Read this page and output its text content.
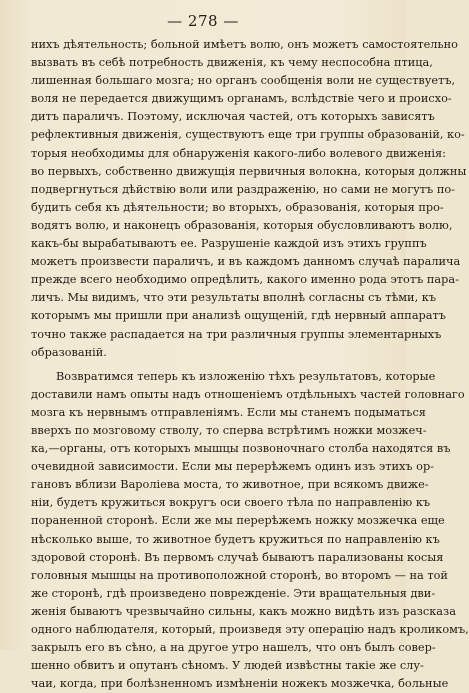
— 278 —
нихъ дѣятельность; больной имѣетъ волю, онъ можетъ самостоятельно
вызвать въ себѣ потребность движенія, къ чему неспособна птица,
лишенная большаго мозга; но органъ сообщенія воли не существуетъ,
воля не передается движущимъ органамъ, вслѣдствіе чего и происхо-
дитъ параличъ. Поэтому, исключая частей, отъ которыхъ зависятъ
рефлективныя движенія, существуютъ еще три группы образованій, ко-
торыя необходимы для обнаруженія какого-либо волевого движенія:
во первыхъ, собственно движущія первичныя волокна, которыя должны
подвергнуться дѣйствію воли или раздраженію, но сами не могутъ по-
будить себя къ дѣятельности; во вторыхъ, образованія, которыя про-
водятъ волю, и наконецъ образованія, которыя обусловливаютъ волю,
какъ-бы вырабатываютъ ее. Разрушеніе каждой изъ этихъ группъ
можетъ произвести параличъ, и въ каждомъ данномъ случаѣ паралича
прежде всего необходимо опредѣлить, какого именно рода этотъ пара-
личъ. Мы видимъ, что эти результаты вполнѣ согласны съ тѣми, къ
которымъ мы пришли при анализѣ ощущеній, гдѣ нервный аппаратъ
точно также распадается на три различныя группы элементарныхъ
образованій.
Возвратимся теперь къ изложенію тѣхъ результатовъ, которые
доставили намъ опыты надъ отношеніемъ отдѣльныхъ частей головнаго
мозга къ нервнымъ отправленіямъ. Если мы станемъ подыматься
вверхъ по мозговому стволу, то сперва встрѣтимъ ножки мозжеч-
ка,—органы, отъ которыхъ мышцы позвоночнаго столба находятся въ
очевидной зависимости. Если мы перерѣжемъ одинъ изъ этихъ ор-
гановъ вблизи Вароліева моста, то животное, при всякомъ движе-
ніи, будетъ кружиться вокругъ оси своего тѣла по направленію къ
пораненной сторонѣ. Если же мы перерѣжемъ ножку мозжечка еще
нѣсколько выше, то животное будетъ кружиться по направленію къ
здоровой сторонѣ. Въ первомъ случаѣ бываютъ парализованы косыя
головныя мышцы на противоположной сторонѣ, во второмъ — на той
же сторонѣ, гдѣ произведено поврежденіе. Эти вращательныя дви-
женія бываютъ чрезвычайно сильны, какъ можно видѣть изъ разсказа
одного наблюдателя, который, произведя эту операцію надъ кроликомъ,
закрылъ его въ сѣно, а на другое утро нашелъ, что онъ былъ совер-
шенно обвитъ и опутанъ сѣномъ. У людей извѣстны такіе же слу-
чаи, когда, при болѣзненномъ измѣненіи ножекъ мозжечка, больные
